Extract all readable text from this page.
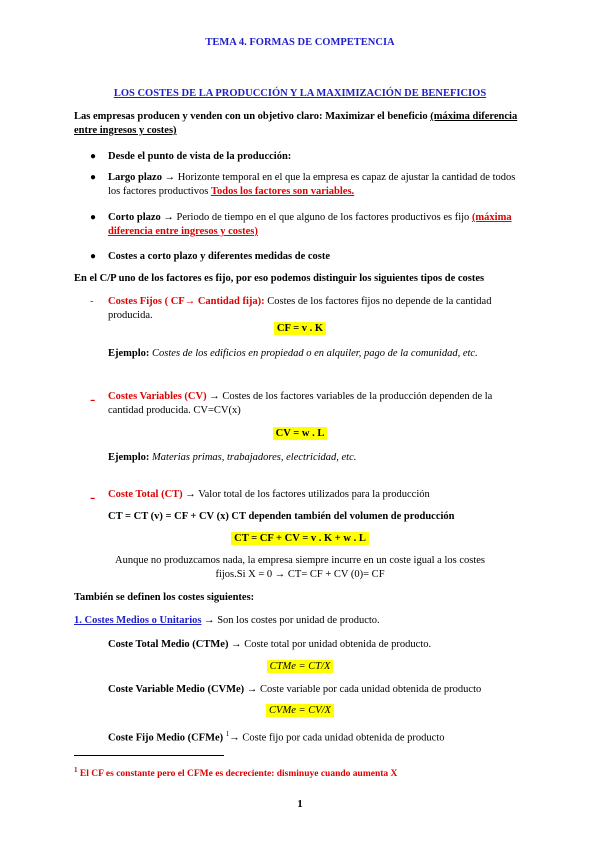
TEMA 4. FORMAS DE COMPETENCIA
LOS COSTES DE LA PRODUCCIÓN Y LA MAXIMIZACIÓN DE BENEFICIOS
Las empresas producen y venden con un objetivo claro: Maximizar el beneficio (máxima diferencia entre ingresos y costes)
● Desde el punto de vista de la producción:
● Largo plazo → Horizonte temporal en el que la empresa es capaz de ajustar la cantidad de todos los factores productivos Todos los factores son variables.
● Corto plazo → Periodo de tiempo en el que alguno de los factores productivos es fijo (máxima diferencia entre ingresos y costes)
● Costes a corto plazo y diferentes medidas de coste
En el C/P uno de los factores es fijo, por eso podemos distinguir los siguientes tipos de costes
- Costes Fijos ( CF→ Cantidad fija): Costes de los factores fijos no depende de la cantidad producida.
CF = v . K
Ejemplo: Costes de los edificios en propiedad o en alquiler, pago de la comunidad, etc.
- Costes Variables (CV) → Costes de los factores variables de la producción dependen de la cantidad producida. CV=CV(x)
CV = w . L
Ejemplo: Materias primas, trabajadores, electricidad, etc.
- Coste Total (CT) → Valor total de los factores utilizados para la producción
CT = CT (v) = CF + CV (x) CT dependen también del volumen de producción
CT = CF + CV = v . K + w . L
Aunque no produzcamos nada, la empresa siempre incurre en un coste igual a los costes fijos.Si X = 0 → CT= CF + CV (0)= CF
También se definen los costes siguientes:
1. Costes Medios o Unitarios → Son los costes por unidad de producto.
Coste Total Medio (CTMe) → Coste total por unidad obtenida de producto.
CTMe = CT/X
Coste Variable Medio (CVMe) → Coste variable por cada unidad obtenida de producto
CVMe = CV/X
Coste Fijo Medio (CFMe) $^1$→ Coste fijo por cada unidad obtenida de producto
$^1$ El CF es constante pero el CFMe es decreciente: disminuye cuando aumenta X
1
